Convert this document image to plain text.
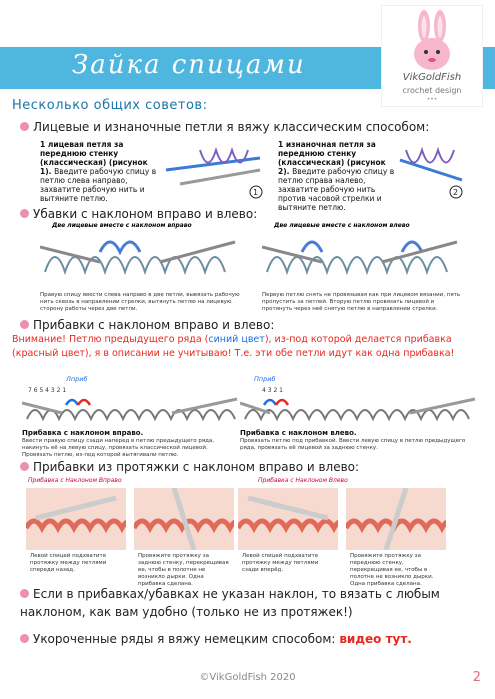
Зайка спицами	VikGoldFish
crochet design
•••
Несколько общих советов:
Лицевые и изнаночные петли я вяжу классическим способом:
1 лицевая петля за переднюю стенку (классическая) (рисунок 1). Введите рабочую спицу в петлю слева направо, захватите рабочую нить и вытяните петлю.
1
1 изнаночная петля за переднюю стенку (классическая) (рисунок 2). Введите рабочую спицу в петлю справа налево, захватите рабочую нить против часовой стрелки и вытяните петлю.
2
Убавки с наклоном вправо и влево:
Две лицевые вместе с наклоном вправо
Правую спицу ввести слева направо в две петли, вывязать рабочую нить сквозь в направлении стрелки, вытянуть петлю на лицевую сторону работы через две петли.
Две лицевые вместе с наклоном влево
Первую петлю снять не провязывая как при лицевом вязании, пять пропустить за петлей. Вторую петлю провязать лицевой и протянуть через неё снятую петлю в направлении стрелки.
Прибавки с наклоном вправо и влево:
Внимание! Петлю предыдущего ряда (синий цвет), из-под которой делается прибавка (красный цвет), я в описании не учитываю! Т.е. эти обе петли идут как одна прибавка!
Лприб
7 6 5 4 3 2 1
Прибавка с наклоном вправо.
Ввести правую спицу сзади наперед в петлю предыдущего ряда, накинуть её на левую спицу, провязать классической лицевой. Провязать петлю, из-под которой вытягивали петлю.
Пприб
4 3 2 1
Прибавка с наклоном влево.
Провязать петлю под прибавкой. Ввести левую спицу в петлю предыдущего ряда, провязать её лицевой за заднюю стенку.
Прибавки из протяжки с наклоном вправо и влево:
Прибавка с Наклоном Вправо	Прибавка с Наклоном Влево
Левой спицей подхватите протяжку между петлями спереди назад.
Провяжите протяжку за заднюю стенку, перекрещивая ее, чтобы в полотне не возникло дырки. Одна прибавка сделана.
Левой спицей подхватите протяжку между петлями сзади вперёд.
Провяжите протяжку за переднюю стенку, перекрещивая ее, чтобы в полотне не возникло дырки. Одна прибавка сделана.
Если в прибавках/убавках не указан наклон, то вязать с любым наклоном, как вам удобно (только не из протяжек!)
Укороченные ряды я вяжу немецким способом: видео тут.
©VikGoldFish 2020	2
